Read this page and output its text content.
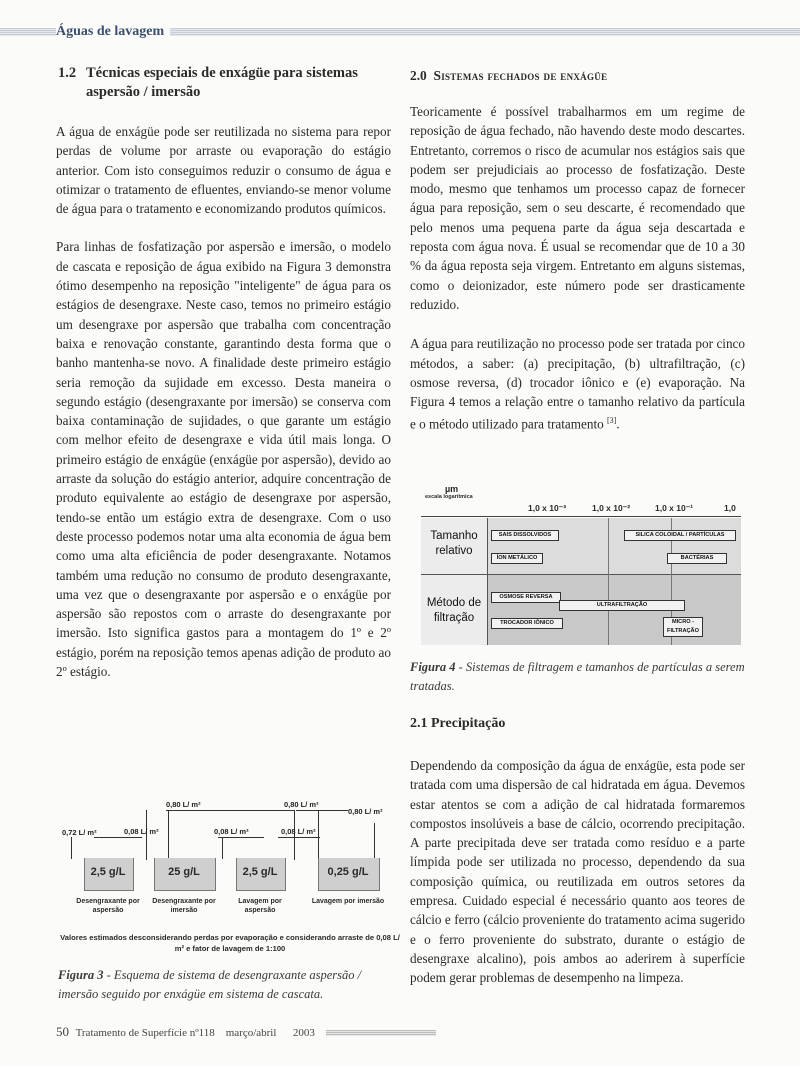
Águas de lavagem
1.2 Técnicas especiais de enxágüe para sistemas aspersão / imersão

A água de enxágüe pode ser reutilizada no sistema para repor perdas de volume por arraste ou evaporação do estágio anterior. Com isto conseguimos reduzir o consumo de água e otimizar o tratamento de efluentes, enviando-se menor volume de água para o tratamento e economizando produtos químicos.

Para linhas de fosfatização por aspersão e imersão, o modelo de cascata e reposição de água exibido na Figura 3 demonstra ótimo desempenho na reposição "inteligente" de água para os estágios de desengraxe. Neste caso, temos no primeiro estágio um desengraxe por aspersão que trabalha com concentração baixa e renovação constante, garantindo desta forma que o banho mantenha-se novo. A finalidade deste primeiro estágio seria remoção da sujidade em excesso. Desta maneira o segundo estágio (desengraxante por imersão) se conserva com baixa contaminação de sujidades, o que garante um estágio com melhor efeito de desengraxe e vida útil mais longa. O primeiro estágio de enxágüe (enxágüe por aspersão), devido ao arraste da solução do estágio anterior, adquire concentração de produto equivalente ao estágio de desengraxe por aspersão, tendo-se então um estágio extra de desengraxe. Com o uso deste processo podemos notar uma alta economia de água bem como uma alta eficiência de poder desengraxante. Notamos também uma redução no consumo de produto desengraxante, uma vez que o desengraxante por aspersão e o enxágüe por aspersão são repostos com o arraste do desengraxante por imersão. Isto significa gastos para a montagem do 1º e 2º estágio, porém na reposição temos apenas adição de produto ao 2º estágio.

0,80 L/ m²	0,80 L/ m²
0,80 L/ m²
0,72 L/ m²	0,08 L/ m²	0,08 L/ m²	0,08 L/ m²
2,5 g/L	25 g/L	2,5 g/L	0,25 g/L
Desengraxante por aspersão
Desengraxante por imersão
Lavagem por aspersão
Lavagem por imersão
Valores estimados desconsiderando perdas por evaporação e considerando arraste de 0,08 L/ m² e fator de lavagem de 1:100
Figura 3 - Esquema de sistema de desengraxante aspersão / imersão seguido por enxágüe em sistema de cascata.
2.0 Sistemas fechados de enxágüe

Teoricamente é possível trabalharmos em um regime de reposição de água fechado, não havendo deste modo descartes. Entretanto, corremos o risco de acumular nos estágios sais que podem ser prejudiciais ao processo de fosfatização. Deste modo, mesmo que tenhamos um processo capaz de fornecer água para reposição, sem o seu descarte, é recomendado que pelo menos uma pequena parte da água seja descartada e reposta com água nova. É usual se recomendar que de 10 a 30 % da água reposta seja virgem. Entretanto em alguns sistemas, como o deionizador, este número pode ser drasticamente reduzido.

A água para reutilização no processo pode ser tratada por cinco métodos, a saber: (a) precipitação, (b) ultrafiltração, (c) osmose reversa, (d) trocador iônico e (e) evaporação. Na Figura 4 temos a relação entre o tamanho relativo da partícula e o método utilizado para tratamento [3].

µm
escala logarítmica
1,0 x 10⁻³	1,0 x 10⁻²	1,0 x 10⁻¹	1,0
Tamanho relativo
Método de filtração
SAIS DISSOLVIDOS
ÍON METÁLICO
SILICA COLOIDAL / PARTÍCULAS
BACTÉRIAS
OSMOSE REVERSA
ULTRAFILTRAÇÃO
TROCADOR IÔNICO	MICRO - FILTRAÇÃO
Figura 4 - Sistemas de filtragem e tamanhos de partículas a serem tratadas.
2.1 Precipitação

Dependendo da composição da água de enxágüe, esta pode ser tratada com uma dispersão de cal hidratada em água. Devemos estar atentos se com a adição de cal hidratada formaremos compostos insolúveis a base de cálcio, ocorrendo precipitação. A parte precipitada deve ser tratada como resíduo e a parte límpida pode ser utilizada no processo, dependendo da sua composição química, ou reutilizada em outros setores da empresa. Cuidado especial é necessário quanto aos teores de cálcio e ferro (cálcio proveniente do tratamento acima sugerido e o ferro proveniente do substrato, durante o estágio de desengraxe alcalino), pois ambos ao aderirem à superfície podem gerar problemas de desempenho na limpeza.

50 Tratamento de Superfície nº118 março/abril 2003
